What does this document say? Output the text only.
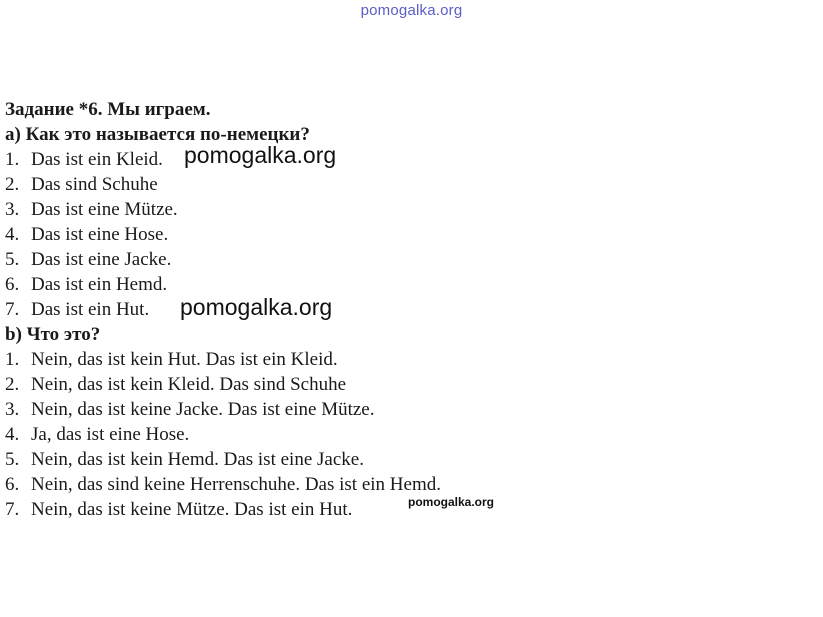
pomogalka.org
Задание *6. Мы играем.
a) Как это называется по-немецки?
1. Das ist ein Kleid.
2. Das sind Schuhe
3. Das ist eine Mütze.
4. Das ist eine Hose.
5. Das ist eine Jacke.
6. Das ist ein Hemd.
7. Das ist ein Hut.
b) Что это?
1. Nein, das ist kein Hut. Das ist ein Kleid.
2. Nein, das ist kein Kleid. Das sind Schuhe
3. Nein, das ist keine Jacke. Das ist eine Mütze.
4. Ja, das ist eine Hose.
5. Nein, das ist kein Hemd. Das ist eine Jacke.
6. Nein, das sind keine Herrenschuhe. Das ist ein Hemd.
7. Nein, das ist keine Mütze. Das ist ein Hut.
pomogalka.org
pomogalka.org
pomogalka.org
